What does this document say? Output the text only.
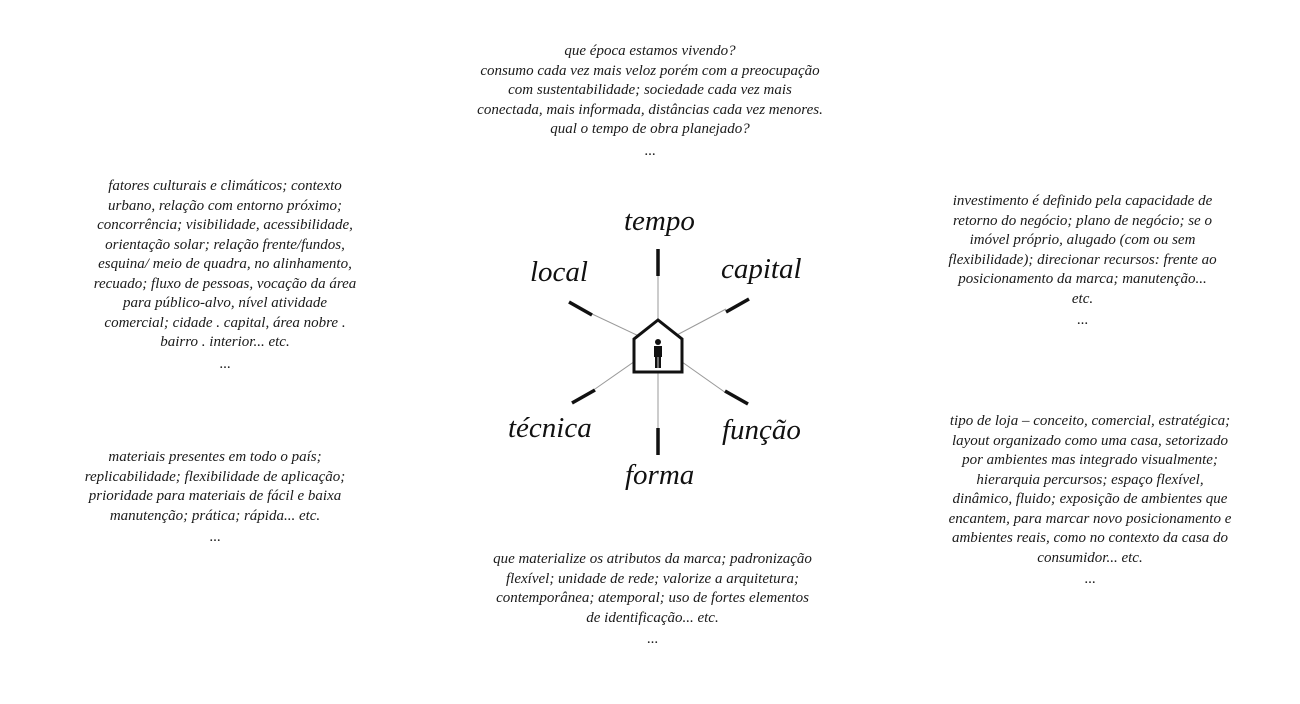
tempo
local	capital
técnica	função
forma
que época estamos vivendo?
consumo cada vez mais veloz porém com a preocupação
com sustentabilidade; sociedade cada vez mais
conectada, mais informada, distâncias cada vez menores.
qual o tempo de obra planejado?
...
fatores culturais e climáticos; contexto
urbano, relação com entorno próximo;
concorrência; visibilidade, acessibilidade,
orientação solar; relação frente/fundos,
esquina/ meio de quadra, no alinhamento,
recuado; fluxo de pessoas, vocação da área
para público-alvo, nível atividade
comercial; cidade . capital, área nobre .
bairro . interior... etc.
...
investimento é definido pela capacidade de
retorno do negócio; plano de negócio; se o
imóvel próprio, alugado (com ou sem
flexibilidade); direcionar recursos: frente ao
posicionamento da marca; manutenção...
etc.
...
materiais presentes em todo o país;
replicabilidade; flexibilidade de aplicação;
prioridade para materiais de fácil e baixa
manutenção; prática; rápida... etc.
...
tipo de loja – conceito, comercial, estratégica;
layout organizado como uma casa, setorizado
por ambientes mas integrado visualmente;
hierarquia percursos; espaço flexível,
dinâmico, fluido; exposição de ambientes que
encantem, para marcar novo posicionamento e
ambientes reais, como no contexto da casa do
consumidor... etc.
...
que materialize os atributos da marca; padronização
flexível; unidade de rede; valorize a arquitetura;
contemporânea; atemporal; uso de fortes elementos
de identificação... etc.
...
